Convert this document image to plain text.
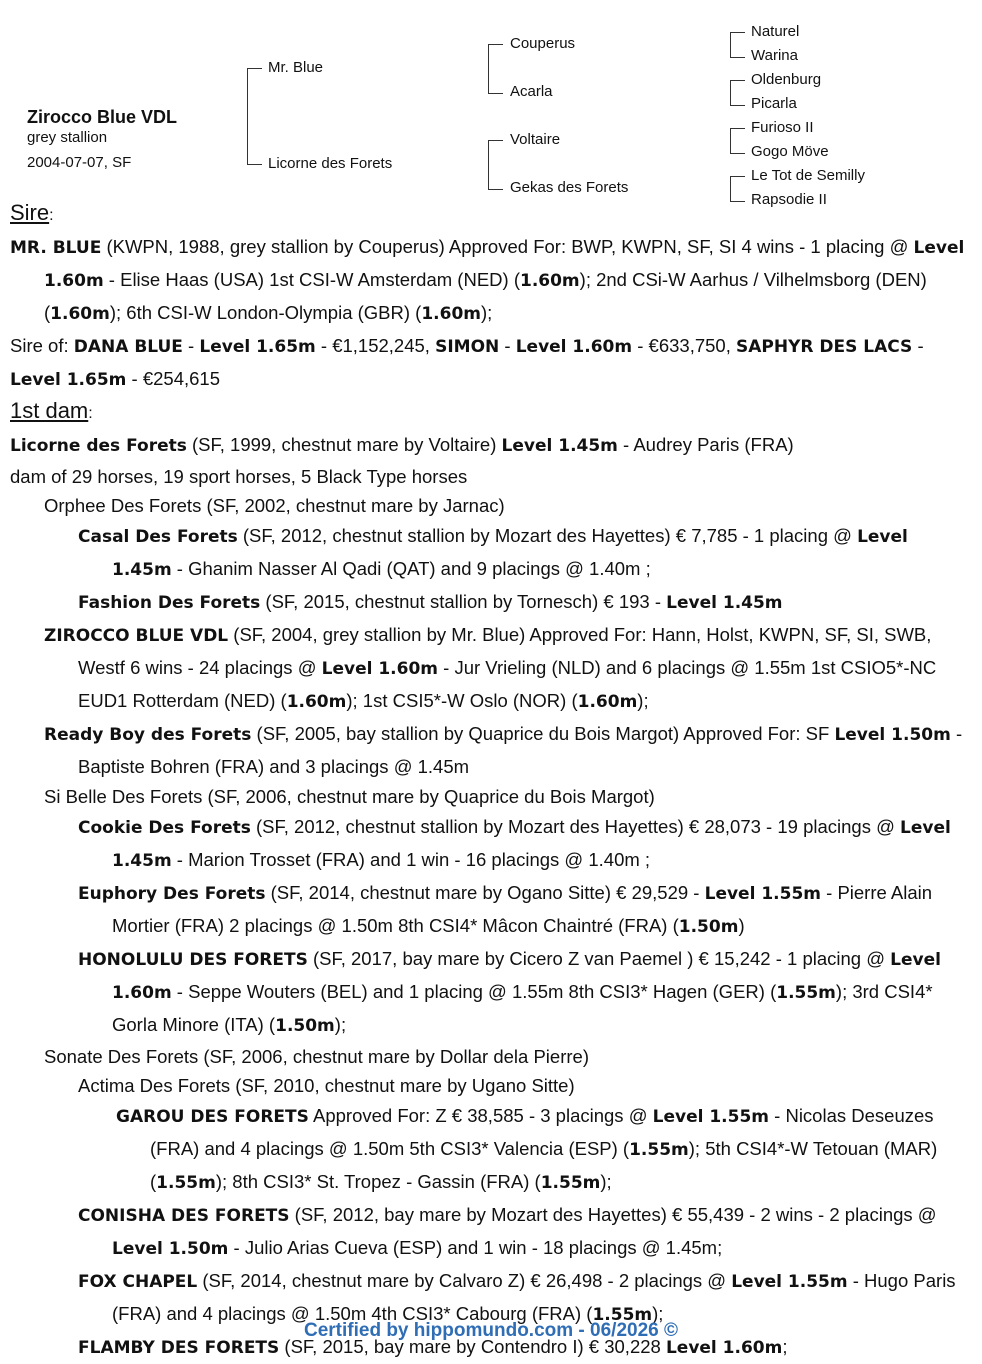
Zirocco Blue VDL
grey stallion
2004-07-07, SF
Mr. Blue
Licorne des Forets
Couperus
Acarla
Voltaire
Gekas des Forets
Naturel
Warina
Oldenburg
Picarla
Furioso II
Gogo Möve
Le Tot de Semilly
Rapsodie II
Sire:
MR. BLUE (KWPN, 1988, grey stallion by Couperus) Approved For: BWP, KWPN, SF, SI 4 wins - 1 placing @ Level 1.60m - Elise Haas (USA) 1st CSI-W Amsterdam (NED) (1.60m); 2nd CSi-W Aarhus / Vilhelmsborg (DEN) (1.60m); 6th CSI-W London-Olympia (GBR) (1.60m);
Sire of: DANA BLUE - Level 1.65m - €1,152,245, SIMON - Level 1.60m - €633,750, SAPHYR DES LACS - Level 1.65m - €254,615
1st dam:
Licorne des Forets (SF, 1999, chestnut mare by Voltaire) Level 1.45m - Audrey Paris (FRA)
dam of 29 horses, 19 sport horses, 5 Black Type horses
Orphee Des Forets (SF, 2002, chestnut mare by Jarnac)
Casal Des Forets (SF, 2012, chestnut stallion by Mozart des Hayettes) € 7,785 - 1 placing @ Level 1.45m - Ghanim Nasser Al Qadi (QAT) and 9 placings @ 1.40m ;
Fashion Des Forets (SF, 2015, chestnut stallion by Tornesch) € 193 - Level 1.45m
ZIROCCO BLUE VDL (SF, 2004, grey stallion by Mr. Blue) Approved For: Hann, Holst, KWPN, SF, SI, SWB, Westf 6 wins - 24 placings @ Level 1.60m - Jur Vrieling (NLD) and 6 placings @ 1.55m 1st CSIO5*-NC EUD1 Rotterdam (NED) (1.60m); 1st CSI5*-W Oslo (NOR) (1.60m);
Ready Boy des Forets (SF, 2005, bay stallion by Quaprice du Bois Margot) Approved For: SF Level 1.50m - Baptiste Bohren (FRA) and 3 placings @ 1.45m
Si Belle Des Forets (SF, 2006, chestnut mare by Quaprice du Bois Margot)
Cookie Des Forets (SF, 2012, chestnut stallion by Mozart des Hayettes) € 28,073 - 19 placings @ Level 1.45m - Marion Trosset (FRA) and 1 win - 16 placings @ 1.40m ;
Euphory Des Forets (SF, 2014, chestnut mare by Ogano Sitte) € 29,529 - Level 1.55m - Pierre Alain Mortier (FRA) 2 placings @ 1.50m 8th CSI4* Mâcon Chaintré (FRA) (1.50m)
HONOLULU DES FORETS (SF, 2017, bay mare by Cicero Z van Paemel ) € 15,242 - 1 placing @ Level 1.60m - Seppe Wouters (BEL) and 1 placing @ 1.55m 8th CSI3* Hagen (GER) (1.55m); 3rd CSI4* Gorla Minore (ITA) (1.50m);
Sonate Des Forets (SF, 2006, chestnut mare by Dollar dela Pierre)
Actima Des Forets (SF, 2010, chestnut mare by Ugano Sitte)
GAROU DES FORETS Approved For: Z € 38,585 - 3 placings @ Level 1.55m - Nicolas Deseuzes (FRA) and 4 placings @ 1.50m 5th CSI3* Valencia (ESP) (1.55m); 5th CSI4*-W Tetouan (MAR) (1.55m); 8th CSI3* St. Tropez - Gassin (FRA) (1.55m);
CONISHA DES FORETS (SF, 2012, bay mare by Mozart des Hayettes) € 55,439 - 2 wins - 2 placings @ Level 1.50m - Julio Arias Cueva (ESP) and 1 win - 18 placings @ 1.45m;
FOX CHAPEL (SF, 2014, chestnut mare by Calvaro Z) € 26,498 - 2 placings @ Level 1.55m - Hugo Paris (FRA) and 4 placings @ 1.50m 4th CSI3* Cabourg (FRA) (1.55m);
FLAMBY DES FORETS (SF, 2015, bay mare by Contendro I) € 30,228 Level 1.60m;
Certified by hippomundo.com - 06/2026 ©
